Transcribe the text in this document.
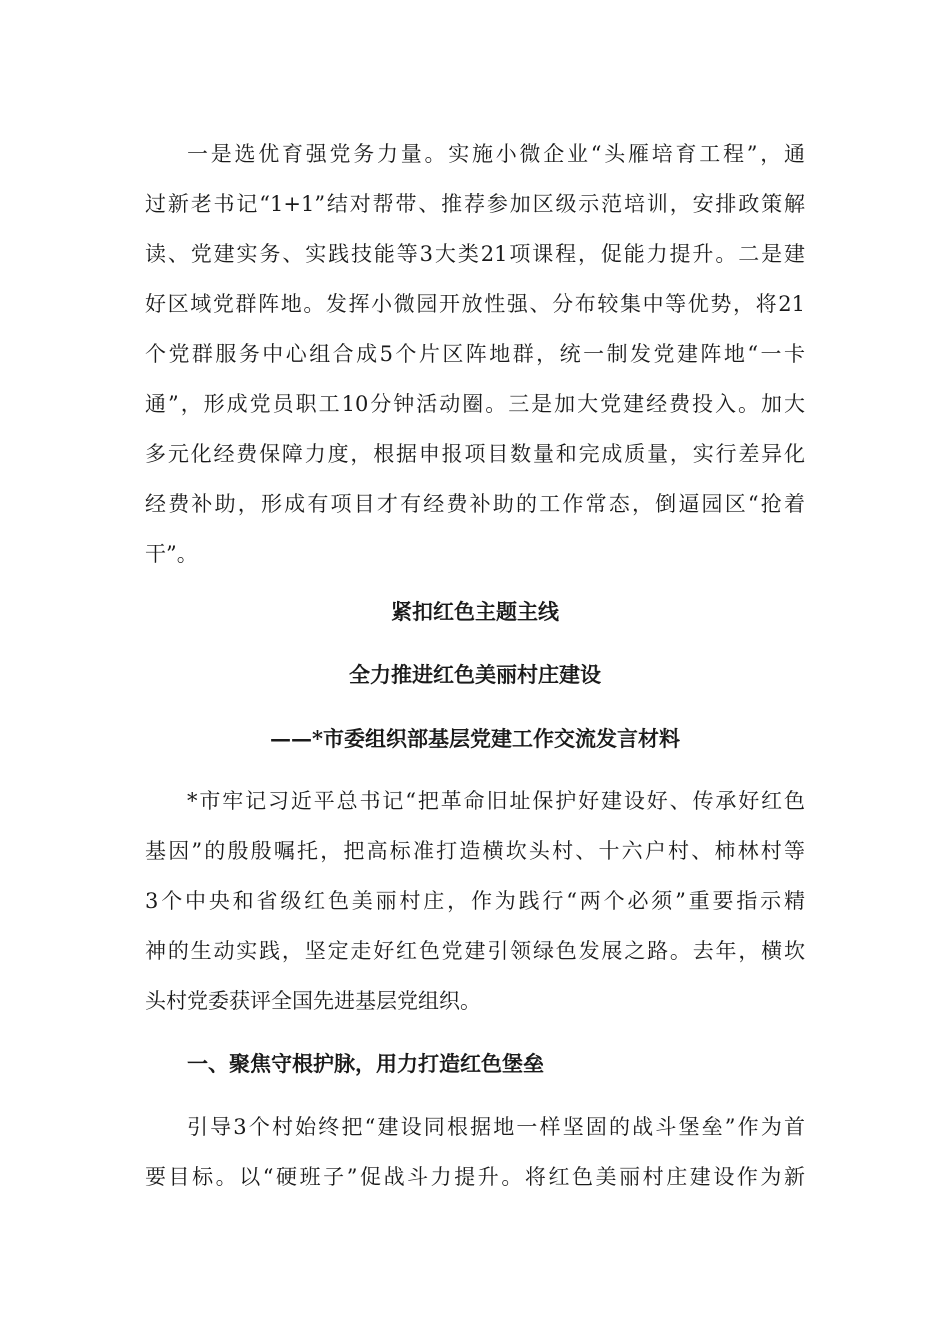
一是选优育强党务力量。实施小微企业“头雁培育工程”，通
过新老书记“1+1”结对帮带、推荐参加区级示范培训，安排政策解
读、党建实务、实践技能等3大类21项课程，促能力提升。二是建
好区域党群阵地。发挥小微园开放性强、分布较集中等优势，将21
个党群服务中心组合成5个片区阵地群，统一制发党建阵地“一卡
通”，形成党员职工10分钟活动圈。三是加大党建经费投入。加大
多元化经费保障力度，根据申报项目数量和完成质量，实行差异化
经费补助，形成有项目才有经费补助的工作常态，倒逼园区“抢着
干”。
紧扣红色主题主线
全力推进红色美丽村庄建设
——*市委组织部基层党建工作交流发言材料
*市牢记习近平总书记“把革命旧址保护好建设好、传承好红色
基因”的殷殷嘱托，把高标准打造横坎头村、十六户村、柿林村等
3个中央和省级红色美丽村庄，作为践行“两个必须”重要指示精
神的生动实践，坚定走好红色党建引领绿色发展之路。去年，横坎
头村党委获评全国先进基层党组织。
一、聚焦守根护脉，用力打造红色堡垒
引导3个村始终把“建设同根据地一样坚固的战斗堡垒”作为首
要目标。以“硬班子”促战斗力提升。将红色美丽村庄建设作为新
